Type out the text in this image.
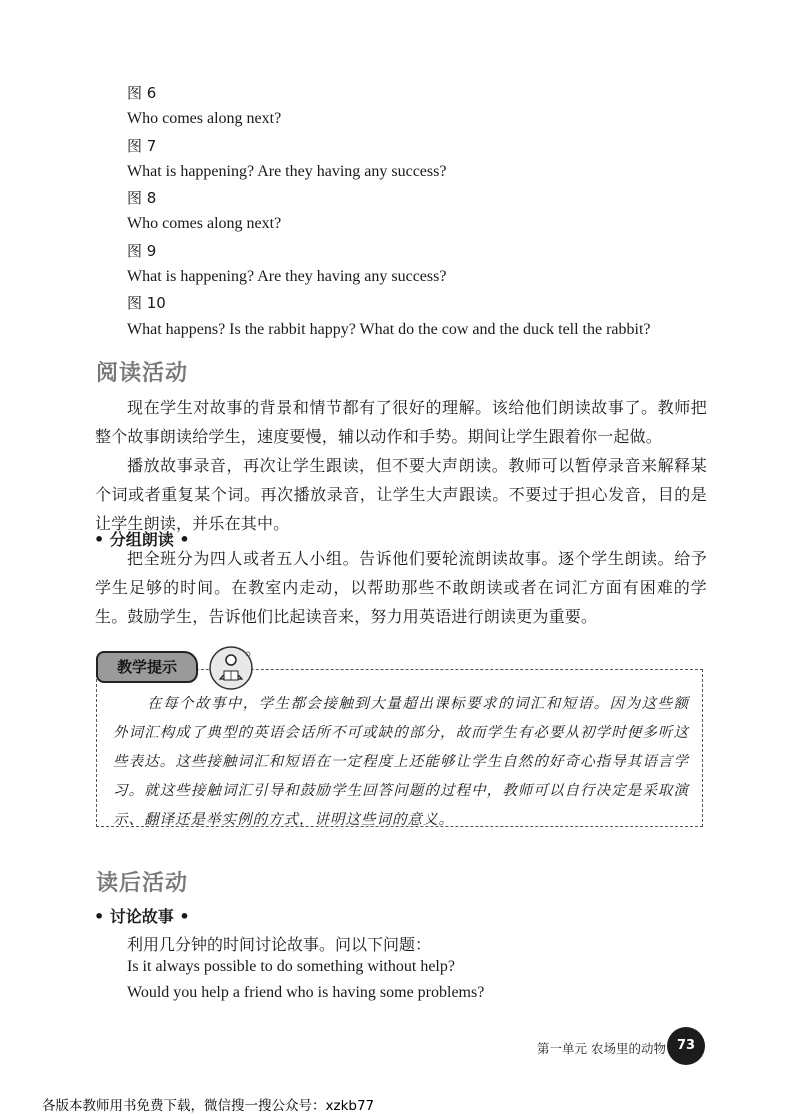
图 6
Who comes along next?
图 7
What is happening? Are they having any success?
图 8
Who comes along next?
图 9
What is happening? Are they having any success?
图 10
What happens? Is the rabbit happy? What do the cow and the duck tell the rabbit?
阅读活动

现在学生对故事的背景和情节都有了很好的理解。该给他们朗读故事了。教师把整个故事朗读给学生，速度要慢，辅以动作和手势。期间让学生跟着你一起做。

播放故事录音，再次让学生跟读，但不要大声朗读。教师可以暂停录音来解释某个词或者重复某个词。再次播放录音，让学生大声跟读。不要过于担心发音，目的是让学生朗读，并乐在其中。

• 分组朗读 •

把全班分为四人或者五人小组。告诉他们要轮流朗读故事。逐个学生朗读。给予学生足够的时间。在教室内走动，以帮助那些不敢朗读或者在词汇方面有困难的学生。鼓励学生，告诉他们比起读音来，努力用英语进行朗读更为重要。

教学提示

在每个故事中，学生都会接触到大量超出课标要求的词汇和短语。因为这些额外词汇构成了典型的英语会话所不可或缺的部分，故而学生有必要从初学时便多听这些表达。这些接触词汇和短语在一定程度上还能够让学生自然的好奇心指导其语言学习。就这些接触词汇引导和鼓励学生回答问题的过程中，教师可以自行决定是采取演示、翻译还是举实例的方式，讲明这些词的意义。

读后活动
• 讨论故事 •
利用几分钟的时间讨论故事。问以下问题：
Is it always possible to do something without help?
Would you help a friend who is having some problems?
第一单元 农场里的动物 73
各版本教师用书免费下载，微信搜一搜公众号：xzkb77
